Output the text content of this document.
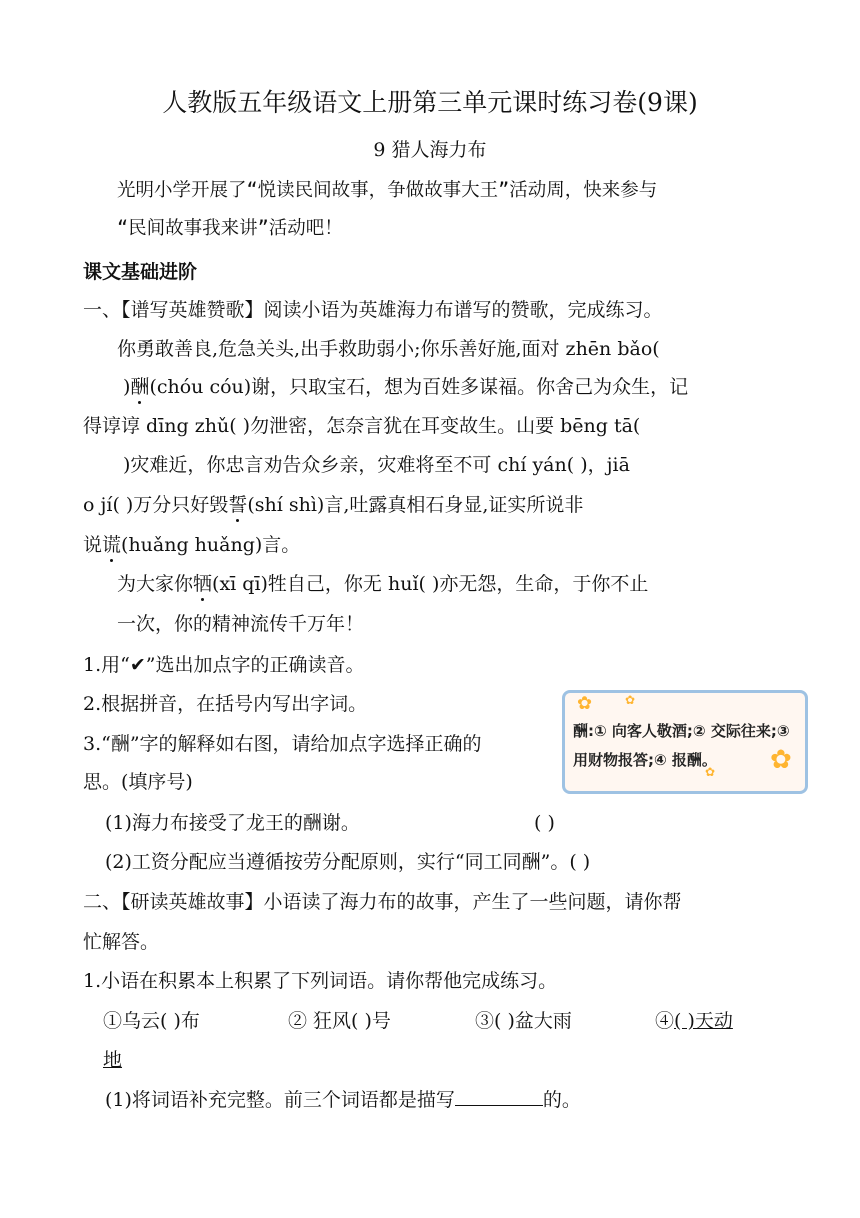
人教版五年级语文上册第三单元课时练习卷(9课)
9 猎人海力布
光明小学开展了“悦读民间故事，争做故事大王”活动周，快来参与
“民间故事我来讲”活动吧！
课文基础进阶
一、【谱写英雄赞歌】阅读小语为英雄海力布谱写的赞歌，完成练习。
你勇敢善良,危急关头,出手救助弱小;你乐善好施,面对 zhēn bǎo(
)酬(chóu cóu)谢，只取宝石，想为百姓多谋福。你舍己为众生，记
得谆谆 dīng zhǔ( )勿泄密，怎奈言犹在耳变故生。山要 bēng tā(
)灾难近，你忠言劝告众乡亲，灾难将至不可 chí yán( )，jiā
o jí( )万分只好毁誓(shí shì)言,吐露真相石身显,证实所说非
说谎(huǎng huǎng)言。
为大家你牺(xī qī)牲自己，你无 huǐ( )亦无怨，生命，于你不止
一次，你的精神流传千万年！
1.用“✔”选出加点字的正确读音。
2.根据拼音，在括号内写出字词。
3.“酬”字的解释如右图，请给加点字选择正确的
思。(填序号)
✿	✿
✿
✿
酬:① 向客人敬酒;② 交际往来;③ 用财物报答;④ 报酬。
(1)海力布接受了龙王的酬谢。	( )
(2)工资分配应当遵循按劳分配原则，实行“同工同酬”。( )
二、【研读英雄故事】小语读了海力布的故事，产生了一些问题，请你帮
忙解答。
1.小语在积累本上积累了下列词语。请你帮他完成练习。
①乌云( )布	② 狂风( )号	③( )盆大雨	④( )天动
地
(1)将词语补充完整。前三个词语都是描写	的。
